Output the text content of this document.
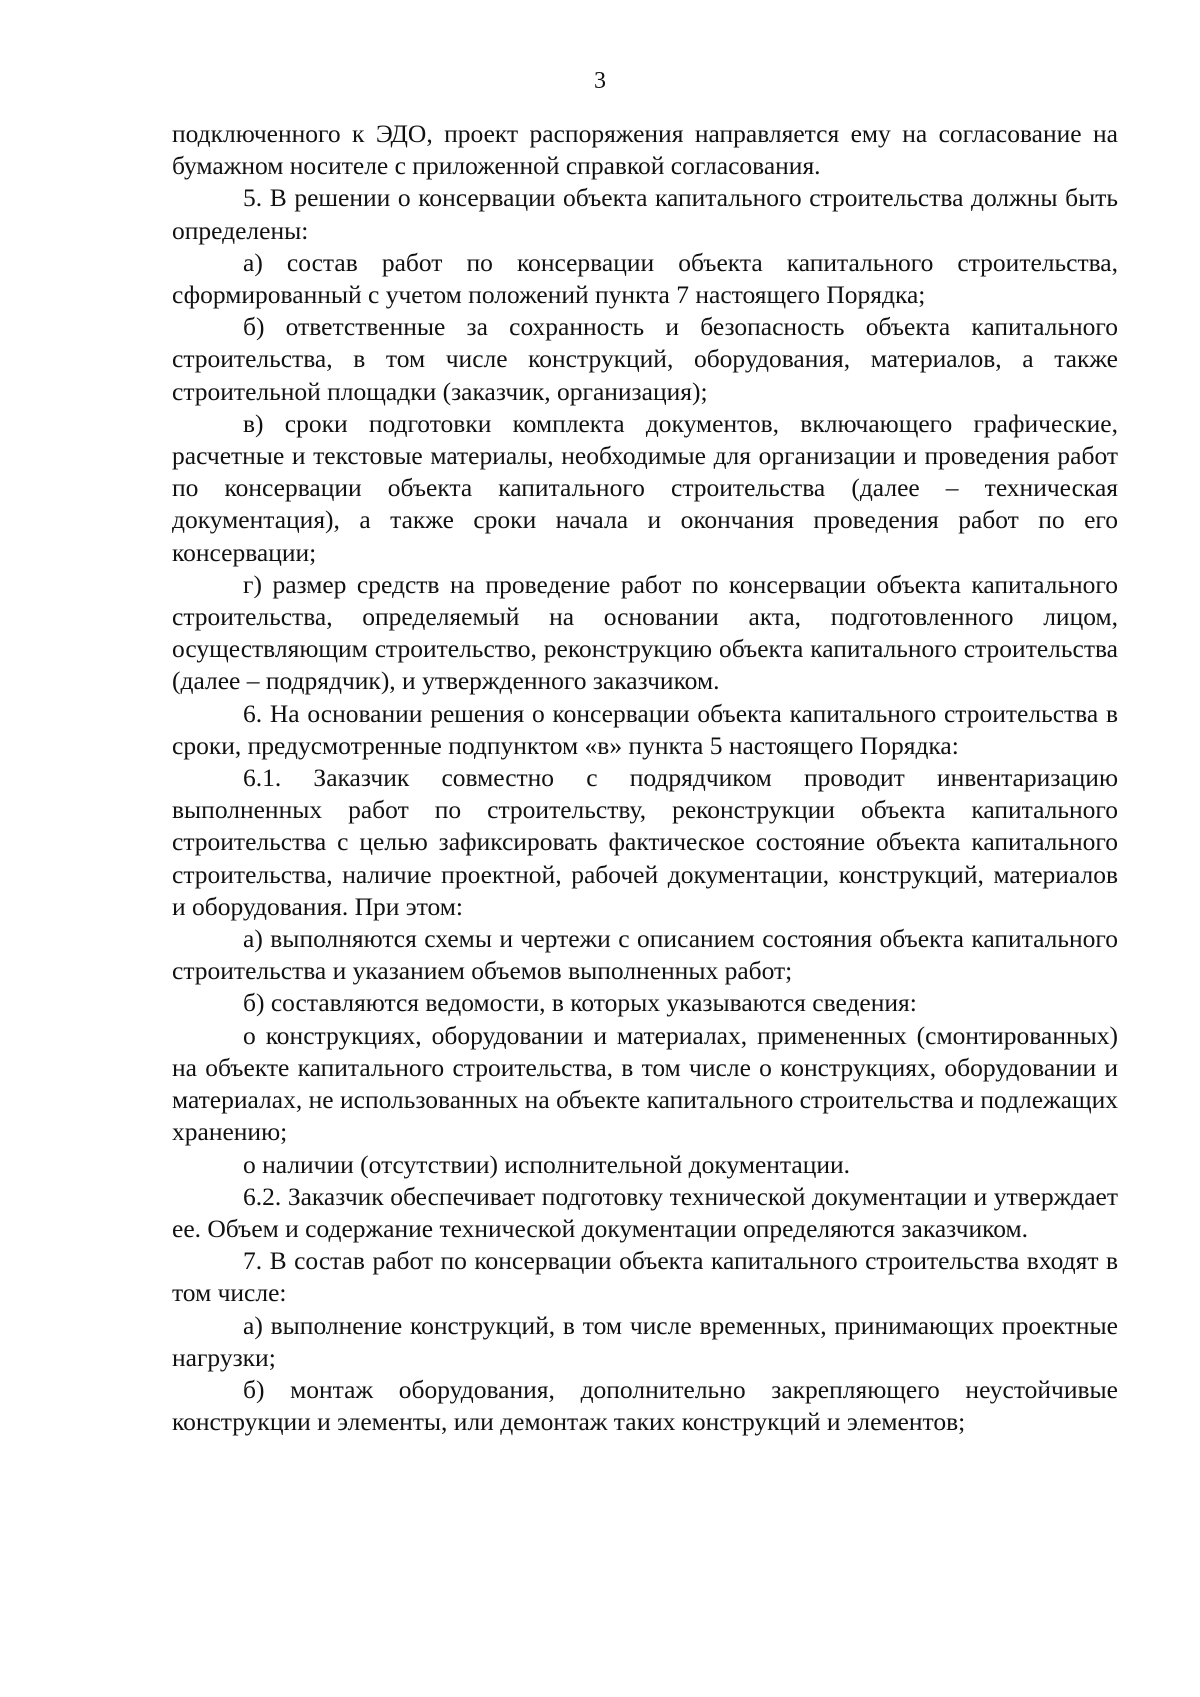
3

подключенного к ЭДО, проект распоряжения направляется ему на согласование на бумажном носителе с приложенной справкой согласования.

5. В решении о консервации объекта капитального строительства должны быть определены:

а) состав работ по консервации объекта капитального строительства, сформированный с учетом положений пункта 7 настоящего Порядка;

б) ответственные за сохранность и безопасность объекта капитального строительства, в том числе конструкций, оборудования, материалов, а также строительной площадки (заказчик, организация);

в) сроки подготовки комплекта документов, включающего графические, расчетные и текстовые материалы, необходимые для организации и проведения работ по консервации объекта капитального строительства (далее – техническая документация), а также сроки начала и окончания проведения работ по его консервации;

г) размер средств на проведение работ по консервации объекта капитального строительства, определяемый на основании акта, подготовленного лицом, осуществляющим строительство, реконструкцию объекта капитального строительства (далее – подрядчик), и утвержденного заказчиком.

6. На основании решения о консервации объекта капитального строительства в сроки, предусмотренные подпунктом «в» пункта 5 настоящего Порядка:

6.1. Заказчик совместно с подрядчиком проводит инвентаризацию выполненных работ по строительству, реконструкции объекта капитального строительства с целью зафиксировать фактическое состояние объекта капитального строительства, наличие проектной, рабочей документации, конструкций, материалов и оборудования. При этом:

а) выполняются схемы и чертежи с описанием состояния объекта капитального строительства и указанием объемов выполненных работ;

б) составляются ведомости, в которых указываются сведения:

о конструкциях, оборудовании и материалах, примененных (смонтированных) на объекте капитального строительства, в том числе о конструкциях, оборудовании и материалах, не использованных на объекте капитального строительства и подлежащих хранению;

о наличии (отсутствии) исполнительной документации.

6.2. Заказчик обеспечивает подготовку технической документации и утверждает ее. Объем и содержание технической документации определяются заказчиком.

7. В состав работ по консервации объекта капитального строительства входят в том числе:

а) выполнение конструкций, в том числе временных, принимающих проектные нагрузки;

б) монтаж оборудования, дополнительно закрепляющего неустойчивые конструкции и элементы, или демонтаж таких конструкций и элементов;
